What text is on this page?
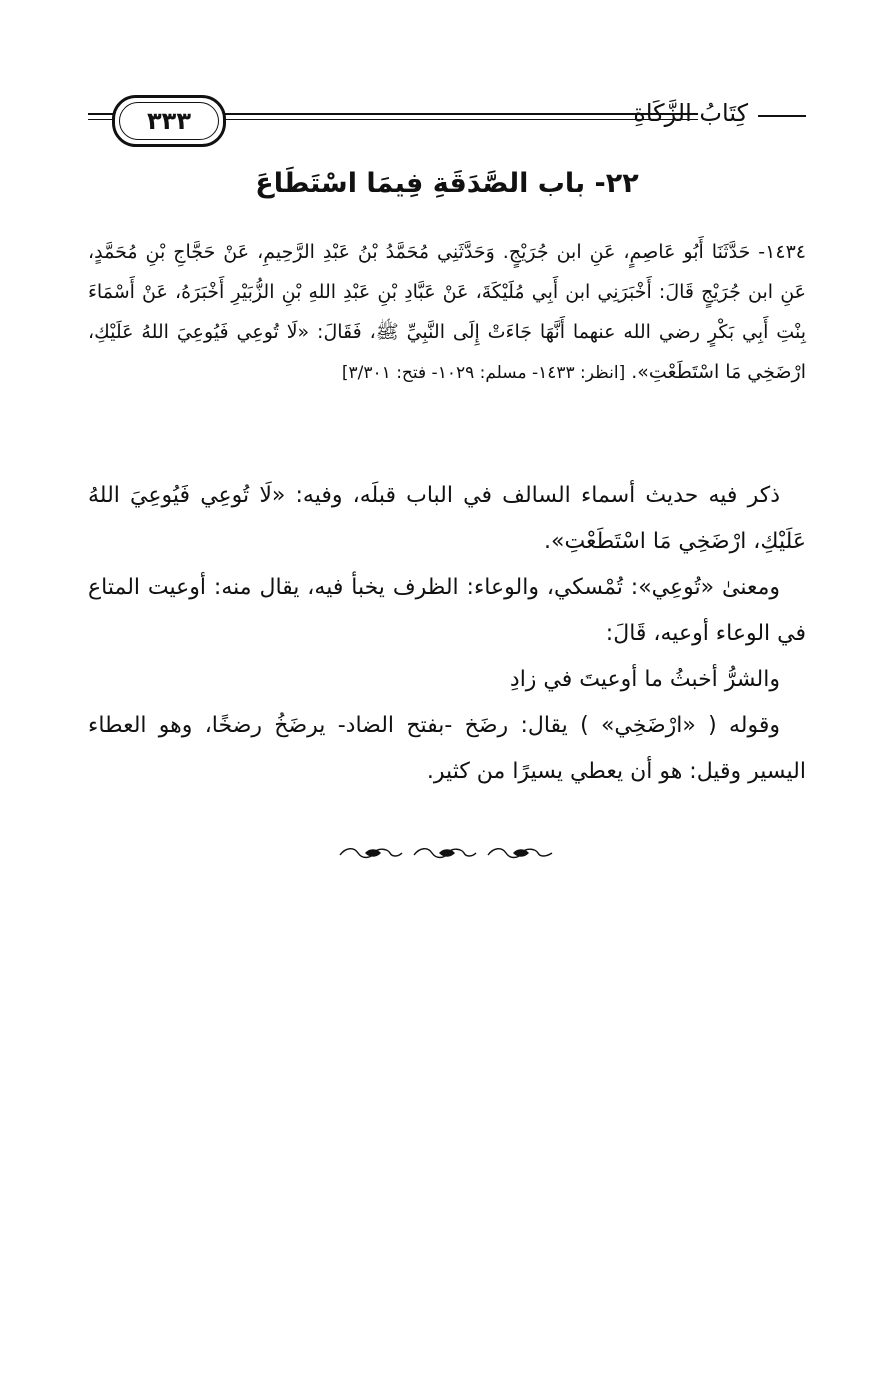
٣٣٣	كِتَابُ الزَّكَاةِ
٢٢- باب الصَّدَقَةِ فِيمَا اسْتَطَاعَ
١٤٣٤- حَدَّثَنَا أَبُو عَاصِمٍ، عَنِ ابن جُرَيْجٍ. وَحَدَّثَنِي مُحَمَّدُ بْنُ عَبْدِ الرَّحِيمِ، عَنْ حَجَّاجِ بْنِ مُحَمَّدٍ، عَنِ ابن جُرَيْجٍ قَالَ: أَخْبَرَنِي ابن أَبِي مُلَيْكَةَ، عَنْ عَبَّادِ بْنِ عَبْدِ اللهِ بْنِ الزُّبَيْرِ أَخْبَرَهُ، عَنْ أَسْمَاءَ بِنْتِ أَبِي بَكْرٍ رضي الله عنهما أَنَّهَا جَاءَتْ إِلَى النَّبِيِّ ﷺ، فَقَالَ: «لَا تُوعِي فَيُوعِيَ اللهُ عَلَيْكِ، ارْضَخِي مَا اسْتَطَعْتِ». [انظر: ١٤٣٣- مسلم: ١٠٢٩- فتح: ٣/٣٠١]

ذكر فيه حديث أسماء السالف في الباب قبلَه، وفيه: «لَا تُوعِي فَيُوعِيَ اللهُ عَلَيْكِ، ارْضَخِي مَا اسْتَطَعْتِ».

ومعنىٰ «تُوعِي»: تُمْسكي، والوعاء: الظرف يخبأ فيه، يقال منه: أوعيت المتاع في الوعاء أوعيه، قَالَ:

والشرُّ أخبثُ ما أوعيتَ في زادِ

وقوله ( «ارْضَخِي» ) يقال: رضَخ -بفتح الضاد- يرضَخُ رضخًا، وهو العطاء اليسير وقيل: هو أن يعطي يسيرًا من كثير.
